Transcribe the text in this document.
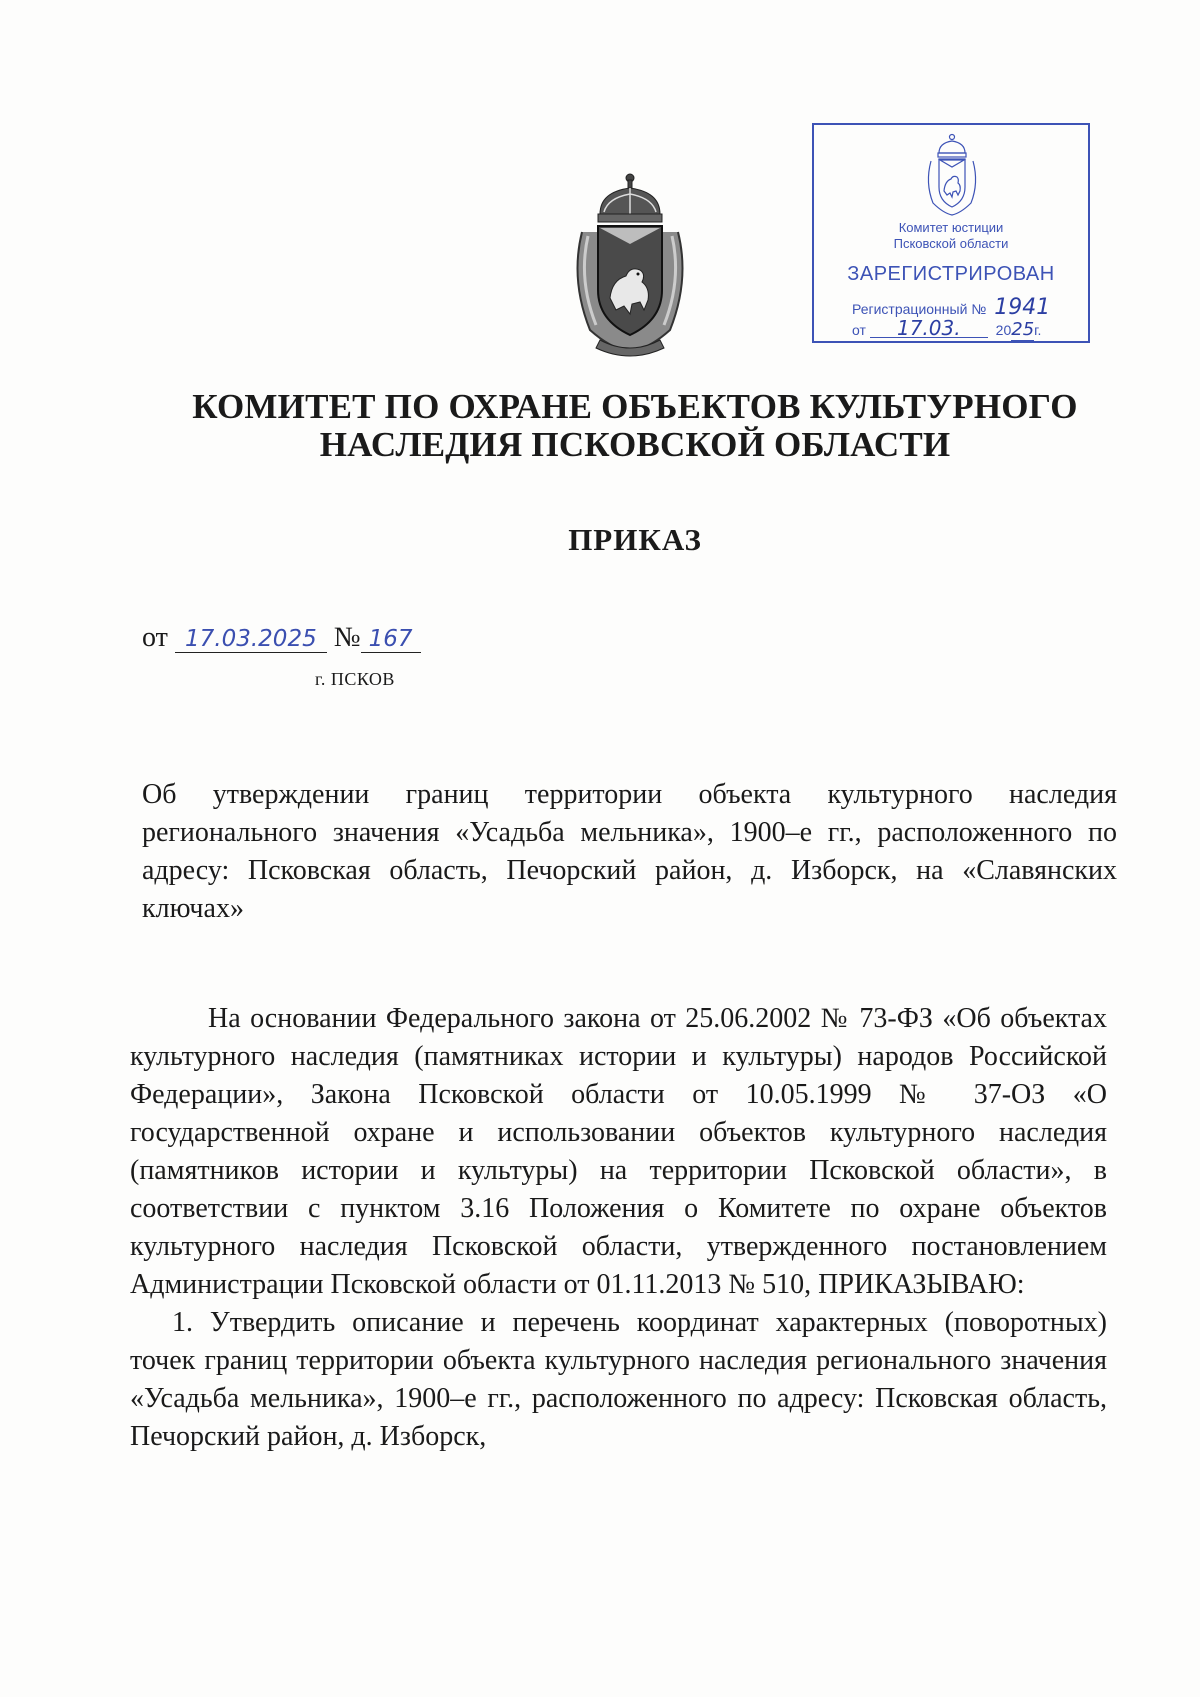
Комитет юстиции
Псковской области
ЗАРЕГИСТРИРОВАН
Регистрационный № 1941
от 17.03.	2025г.
КОМИТЕТ ПО ОХРАНЕ ОБЪЕКТОВ КУЛЬТУРНОГО
НАСЛЕДИЯ ПСКОВСКОЙ ОБЛАСТИ
ПРИКАЗ
от 17.03.2025 № 167
г. ПСКОВ
Об утверждении границ территории объекта культурного наследия регионального значения «Усадьба мельника», 1900–е гг., расположенного по адресу: Псковская область, Печорский район, д. Изборск, на «Славянских ключах»

На основании Федерального закона от 25.06.2002 № 73-ФЗ «Об объектах культурного наследия (памятниках истории и культуры) народов Российской Федерации», Закона Псковской области от 10.05.1999 № 37-ОЗ «О государственной охране и использовании объектов культурного наследия (памятников истории и культуры) на территории Псковской области», в соответствии с пунктом 3.16 Положения о Комитете по охране объектов культурного наследия Псковской области, утвержденного постановлением Администрации Псковской области от 01.11.2013 № 510, ПРИКАЗЫВАЮ:

1. Утвердить описание и перечень координат характерных (поворотных) точек границ территории объекта культурного наследия регионального значения «Усадьба мельника», 1900–е гг., расположенного по адресу: Псковская область, Печорский район, д. Изборск,
